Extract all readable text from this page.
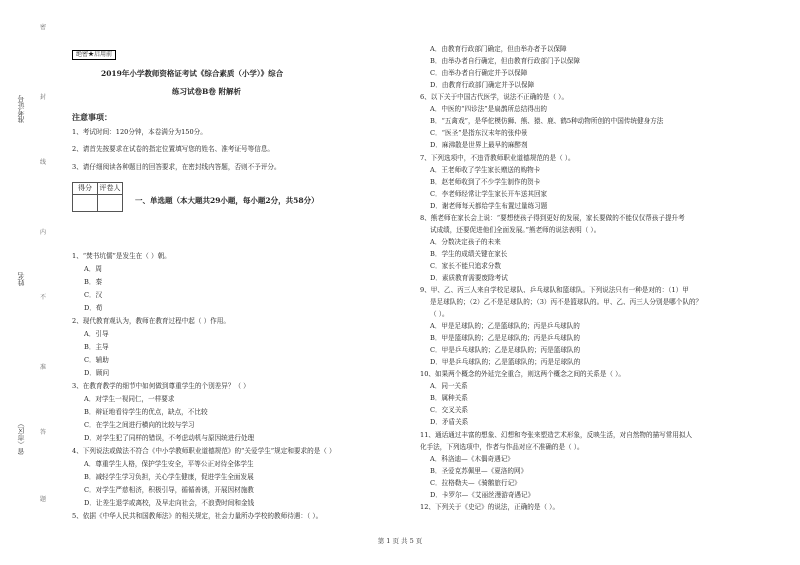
准考证号
姓名
省（市区）
密
封
线
内
不
准
答
题
绝密★启用前
2019年小学教师资格证考试《综合素质（小学）》综合
练习试卷B卷 附解析
注意事项：
1、考试时间：120分钟，本卷满分为150分。
2、请首先按要求在试卷的指定位置填写您的姓名、准考证号等信息。
3、请仔细阅读各种题目的回答要求，在密封线内答题，否则不予评分。
得分	评卷人

一、单选题（本大题共29小题，每小题2分，共58分）
1、“焚书坑儒”是发生在（ ）朝。
A．周
B．秦
C．汉
D．荀
2、现代教育观认为，教师在教育过程中起（ ）作用。
A．引导
B．主导
C．辅助
D．顾问
3、在教育教学的细节中如何做到尊重学生的个别差异？（ ）
A．对学生一视同仁，一样要求
B．辩证地看待学生的优点，缺点，不比较
C．在学生之间进行横向的比较与学习
D．对学生犯了同样的错误，不考虑动机与原因统进行处理
4、下列说法或做法不符合《中小学教师职业道德规范》的“关爱学生”规定和要求的是（ ）
A．尊重学生人格，保护学生安全，平等公正对待全体学生
B．减轻学生学习负担，关心学生健康，促进学生全面发展
C．对学生严慈相济，积极引导，循循善诱，开展因材施教
D．让差生退学或离校，及早走向社会，不浪费时间和金钱
5、依据《中华人民共和国教师法》的相关规定，社会力量所办学校的教师待遇：（ ）。
A．由教育行政部门确定，但由举办者予以保障
B．由举办者自行确定，但由教育行政部门予以保障
C．由举办者自行确定并予以保障
D．由教育行政部门确定并予以保障
6、以下关于中国古代医学，说法不正确的是（ ）。
A．中医的“四诊法”是扁鹊所总结得出的
B．“五禽戏”，是华佗模仿狮、熊、猿、鹿、鹤5种动物所创的中国传统健身方法
C．“医圣”是指东汉末年的张仲景
D．麻沸散是世界上最早的麻醉剂
7、下列选项中，不违背教师职业道德规范的是（ ）。
A．王老师收了学生家长赠送的购物卡
B．赵老师收到了不少学生制作的贺卡
C．李老师经常让学生家长开车送其回家
D．谢老师每天都给学生布置过量练习题
8、熊老师在家长会上说：“要想使孩子得到更好的发展，家长要做的不能仅仅帮孩子提升考
试成绩，还要促进他们全面发展。”熊老师的说法表明（ ）。
A．分数决定孩子的未来
B．学生的成绩关键在家长
C．家长不能只追求分数
D．素质教育需要废除考试
9、甲、乙、丙三人来自学校足球队、乒乓球队和篮球队。下列说法只有一种是对的：（1）甲
是足球队的；（2）乙不是足球队的；（3）丙不是篮球队的。甲、乙、丙三人分别是哪个队的？
（ ）。
A．甲是足球队的；乙是篮球队的；丙是乒乓球队的
B．甲是篮球队的；乙是足球队的；丙是乒乓球队的
C．甲是乒乓球队的；乙是足球队的；丙是篮球队的
D．甲是乒乓球队的；乙是篮球队的；丙是足球队的
10、如果两个概念的外延完全重合，则这两个概念之间的关系是（ ）。
A．同一关系
B．属种关系
C．交叉关系
D．矛盾关系
11、通话通过丰富的想象、幻想和夸张来塑造艺术形象，反映生活，对自然物的描写常用拟人
化手法，下列选项中，作者与作品对应不准确的是（ ）。
A．科洛迪—《木偶奇遇记》
B．圣爱克苏佩里—《夏洛的网》
C．拉格勒夫—《骑鹅旅行记》
D．卡罗尔—《艾丽丝漫游奇遇记》
12、下列关于《史记》的说法，正确的是（ ）。
第 1 页 共 5 页
